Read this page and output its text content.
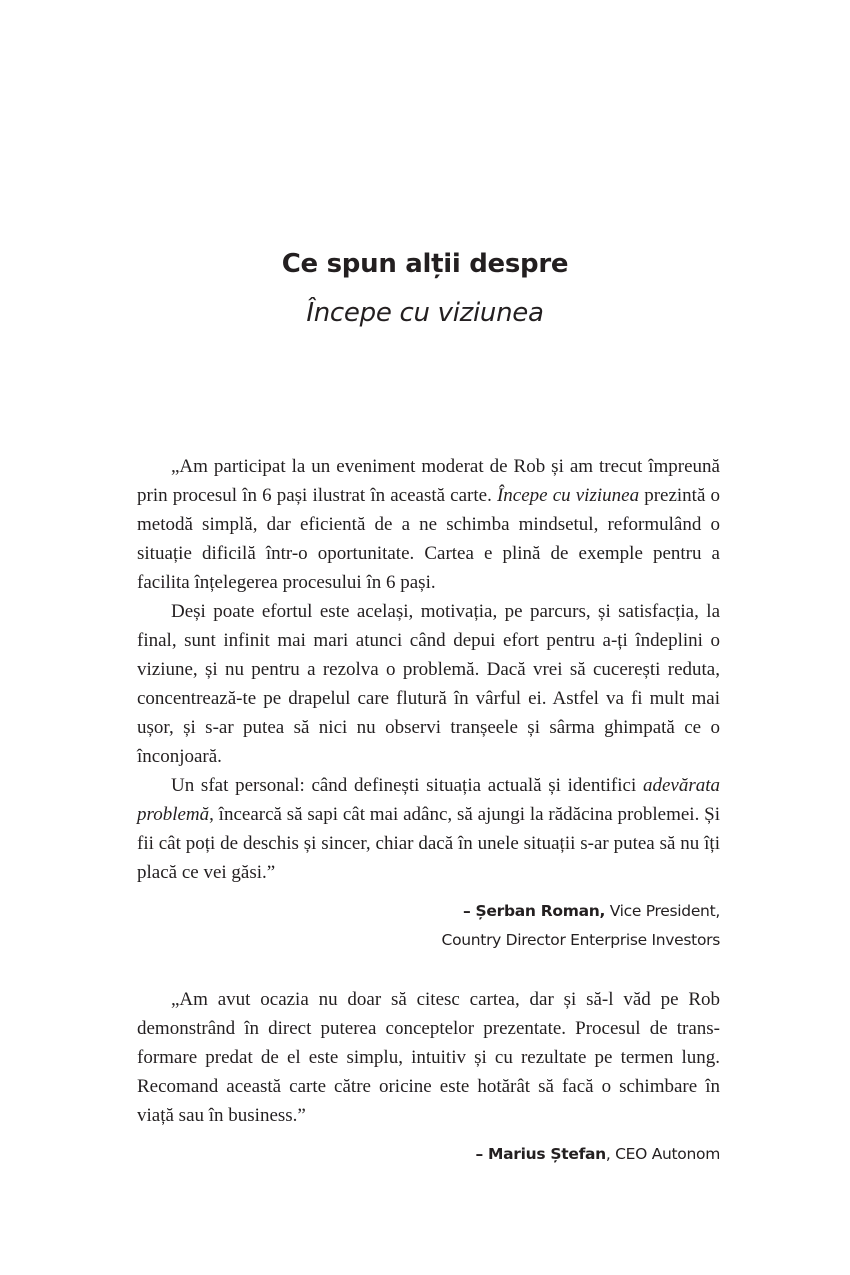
Ce spun alții despre
Începe cu viziunea

„Am participat la un eveniment moderat de Rob și am trecut împreună prin procesul în 6 pași ilustrat în această carte. Începe cu viziunea prezintă o metodă simplă, dar eficientă de a ne schimba mindsetul, reformulând o situație dificilă într-o oportunitate. Cartea e plină de exemple pentru a facilita înțelegerea procesului în 6 pași.

Deși poate efortul este același, motivația, pe parcurs, și satisfacția, la final, sunt infinit mai mari atunci când depui efort pentru a-ți îndeplini o viziune, și nu pentru a rezolva o problemă. Dacă vrei să cucerești reduta, concentrează-te pe drapelul care flutură în vârful ei. Astfel va fi mult mai ușor, și s-ar putea să nici nu observi tranșeele și sârma ghimpată ce o înconjoară.

Un sfat personal: când definești situația actuală și identifici adevărata problemă, încearcă să sapi cât mai adânc, să ajungi la rădăcina problemei. Și fii cât poți de deschis și sincer, chiar dacă în unele situații s-ar putea să nu îți placă ce vei găsi.”

– Șerban Roman, Vice President,
Country Director Enterprise Investors

„Am avut ocazia nu doar să citesc cartea, dar și să-l văd pe Rob demonstrând în direct puterea conceptelor prezentate. Procesul de transformare predat de el este simplu, intuitiv și cu rezultate pe termen lung. Recomand această carte către oricine este hotărât să facă o schimbare în viață sau în business.”

– Marius Ștefan, CEO Autonom
